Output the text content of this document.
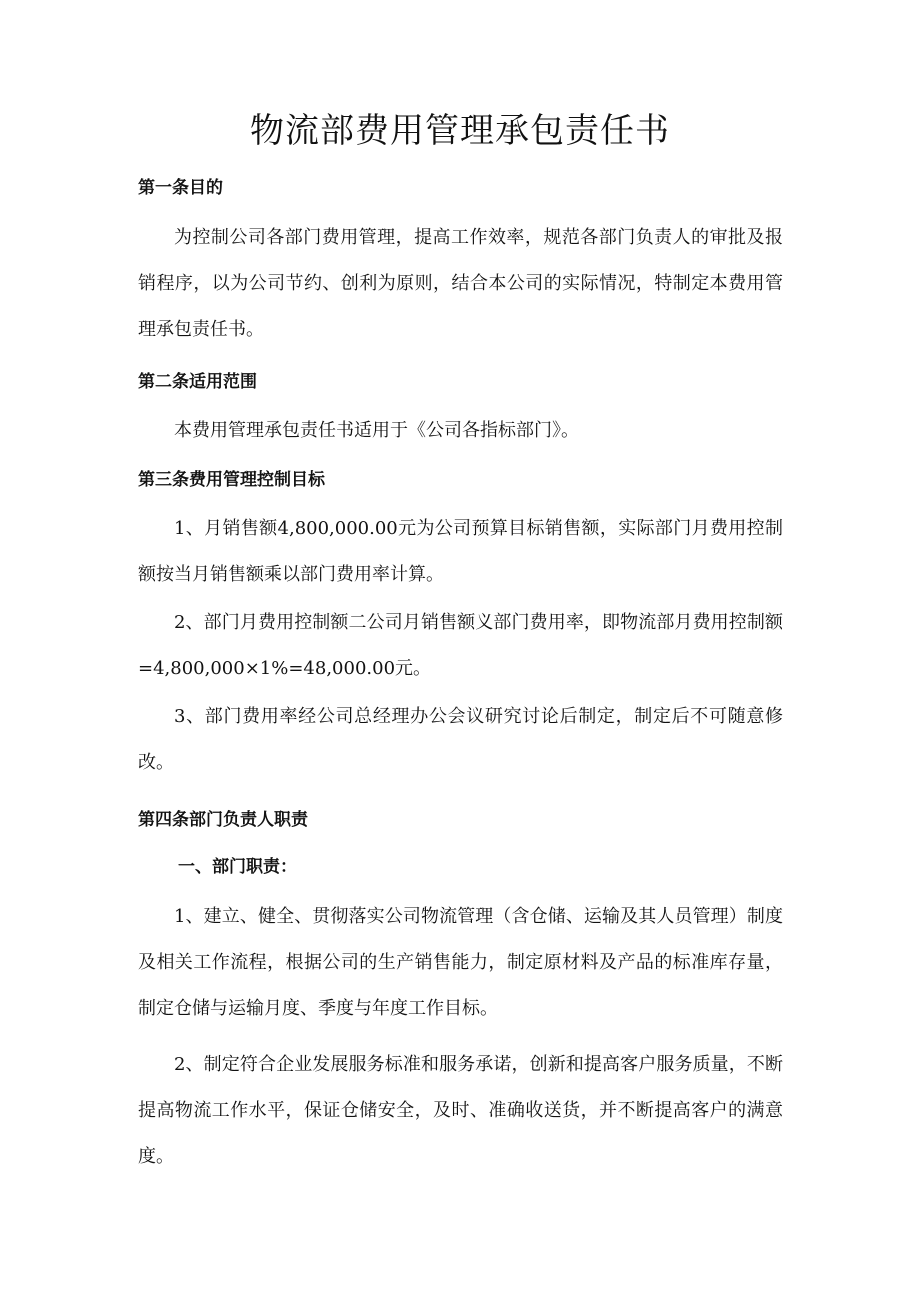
物流部费用管理承包责任书
第一条目的

为控制公司各部门费用管理，提高工作效率，规范各部门负责人的审批及报销程序，以为公司节约、创利为原则，结合本公司的实际情况，特制定本费用管理承包责任书。

第二条适用范围

本费用管理承包责任书适用于《公司各指标部门》。

第三条费用管理控制目标

1、月销售额4,800,000.00元为公司预算目标销售额，实际部门月费用控制额按当月销售额乘以部门费用率计算。

2、部门月费用控制额二公司月销售额义部门费用率，即物流部月费用控制额=4,800,000×1%=48,000.00元。

3、部门费用率经公司总经理办公会议研究讨论后制定，制定后不可随意修改。

第四条部门负责人职责
一、部门职责：

1、建立、健全、贯彻落实公司物流管理（含仓储、运输及其人员管理）制度及相关工作流程，根据公司的生产销售能力，制定原材料及产品的标准库存量，制定仓储与运输月度、季度与年度工作目标。

2、制定符合企业发展服务标准和服务承诺，创新和提高客户服务质量，不断提高物流工作水平，保证仓储安全，及时、准确收送货，并不断提高客户的满意度。
